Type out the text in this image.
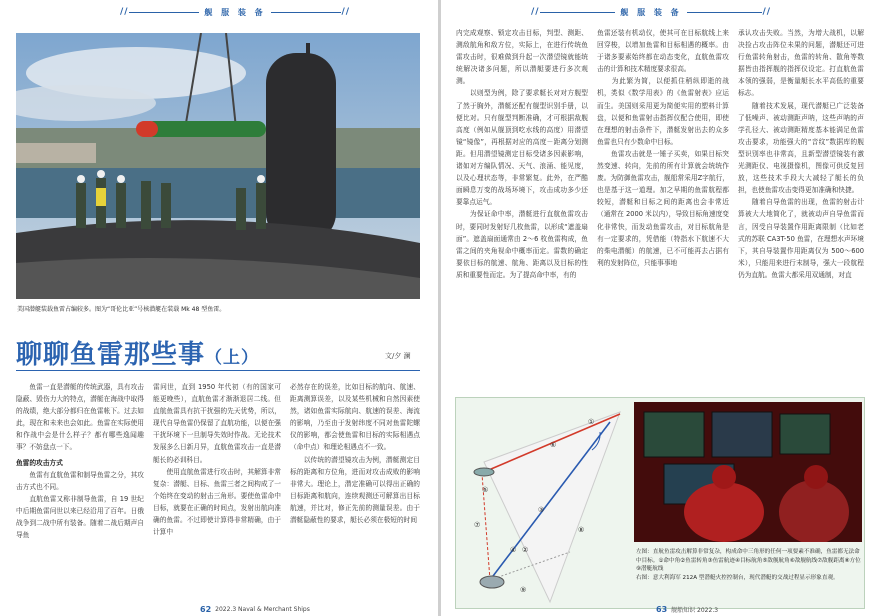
//	舰 服 装 备	//
美国潜艇装载鱼雷占编较多。图为“哥伦比亚”号核潜艇在装载 Mk 48 型鱼雷。
聊聊鱼雷那些事（上）	文/夕 澜

鱼雷一直是潜艇的传统武器，具有攻击隐蔽、毁伤力大的特点，潜艇在海战中取得的战绩，绝大部分都归在鱼雷帐下。过去如此，现在和未来也会如此。鱼雷在实际使用和作战中会是什么样子？都有哪些逸闻趣事？不妨盘点一下。

鱼雷的攻击方式

鱼雷有直航鱼雷和制导鱼雷之分，其攻击方式也不同。

直航鱼雷又称非制导鱼雷，自 19 世纪中后期鱼雷问世以来已经沿用了百年。日俄战争到二战中所有装备。随着二战后期声自导鱼

雷问世，直到 1950 年代初（有的国家可能更晚些），直航鱼雷才渐渐退居二线。但直航鱼雷具有抗干扰强的先天优势，所以，现代自导鱼雷仍保留了直航功能，以便在强干扰环境下一旦制导失效时作战。无论技术发展多么日新月异，直航鱼雷攻击一直是潜艇长的必训科目。
　　使用直航鱼雷进行攻击时，其解算非常复杂：潜艇、目标、鱼雷三者之间构成了一个始终在变动的射击三角形。要使鱼雷命中目标，就要在正确的时间点，发射出航向准确的鱼雷。不过即使计算得非常精确，由于计算中
必然存在的误差，比如目标的航向、航速、距离测算误差，以及某些机械和自然因素使然，诸如鱼雷实际航向、航速的误差、海流的影响，乃至由于发射纬度不同对鱼雷陀螺仪的影响，都会使鱼雷和目标的实际相遇点（命中点）和理论相遇点不一致。
　　以传统的潜望镜攻击为例，潜艇测定目标的距离和方位角，进而对攻击成败的影响非常大。理论上，潜定准确可以得出正确的目标距离和航向，连续观测还可解算出目标航速，并比对，修正先前的测量误差。由于潜艇隐蔽性的要求，艇长必须在极短的时间
62 2022.3 Naval & Merchant Ships
//	舰 服 装 备	//
内完成观察、锁定攻击目标，判型、测距、测敌航角和敌方位，实际上，在进行传统鱼雷攻击时，很难做到升起一次潜望镜就能统统解决诸多问题，所以潜艇要进行多次观测。
　　以则型为例，除了要求艇长对对方舰型了然于胸外，潜艇还配有舰型识别手册，以便比对。只有舰型判断准确，才可根据敌舰高度（例如从舰顶到吃水线的高度）用潜望镜“镜像”，再根据对应的高度－距离分划测距。但用潜望镜测定目标受诸多因素影响，诸如对方编队情况、天气、浪涌、能见度，以及心理状态等，非常繁复。此外，在严酷面瞬息万变的战场环境下，攻击成功多少还要靠点运气。
　　为保证命中率，潜艇进行直航鱼雷攻击时，要同时发射好几枚鱼雷，以形成“遮盖扇面”。遮盖扇面通常由 2～6 枚鱼雷构成，鱼雷之间的夹角视命中概率而定。雷数的确定要依目标的航速、航角、距离以及目标的性质和重要性而定。为了提高命中率，有的
鱼雷还装有机动仪，使其可在目标航线上来回穿梭，以增加鱼雷和目标相遇的概率。由于诸多要素始终都在动态变化，直航鱼雷攻击的计算和技术精度要求很高。
　　为此繁为简，以便抓住稍纵即逝的战机，类似《数学用表》的《鱼雷射表》应运而生。美国则采用更为简便实用的塑料计算盘，以便和鱼雷射击指挥仪配合使用，即使在理想的射击条件下，潜艇发射出去的众多鱼雷也只有少数命中目标。
　　鱼雷攻击就是一锤子买卖，如果目标突然变速、转向，先前的所有计算就会统统作废。为防御鱼雷攻击，舰船常采用Z字航行，也是基于这一道理。加之早期的鱼雷航程都较短，潜艇和目标之间的距离也会非常近（通常在 2000 米以内），导致目标角速度变化非常快，而发动鱼雷攻击，对目标航角是有一定要求的，凭借能（特指水下航速不大的柴电潜艇）的航速，已不可能再去占据有利的发射阵位，只能事事地
承认攻击失败。当然，为增大战机，以解决捡占攻击阵位未果的问题，潜艇还可进行鱼雷转角射击，鱼雷的转角、散角等数据皆由指挥舰的指挥仪设定。打直航鱼雷本领的强弱，是衡量艇长水平高低的重要标志。
　　随着技术发展，现代潜艇已广泛装备了低噪声、被动测距声呐，这些声呐的声学孔径大、被动测距精度基本能满足鱼雷攻击要求，功能强大的“音纹”数据库的舰型识别率也非常高，且新型潜望镜装有激光测距仪、电视摄像机，图像可供反复回放，这些技术手段大大减轻了艇长的负担，也使鱼雷攻击变得更加准确和快捷。
　　随着自导鱼雷的出现，鱼雷的射击计算被大大地简化了，就被动声自导鱼雷而言，因受自导装置作用距离限制（比如老式的苏联 CA3T-50 鱼雷，在理想水声环境下，其自导装置作用距离仅为 500～600 米），只能用来进行末制导，强大一段航程仍为直航。鱼雷大都采用双通制，对直
①
②
③
④
⑤
⑥
⑦
⑧
⑨
左图：直航鱼雷攻击解算非常复杂，构成命中三角形的任何一项要素不准确，鱼雷都无法命中目标。①命中角②鱼雷转角③鱼雷航迹④目标航角⑤敌舰航角⑥敌舰航线⑦敌舰距离⑧方位⑨潜艇航线
右图：意大利海军 212A 型潜艇火控控制台，现代潜艇的交战过程显示形象直观。
63 舰船知识 2022.3
